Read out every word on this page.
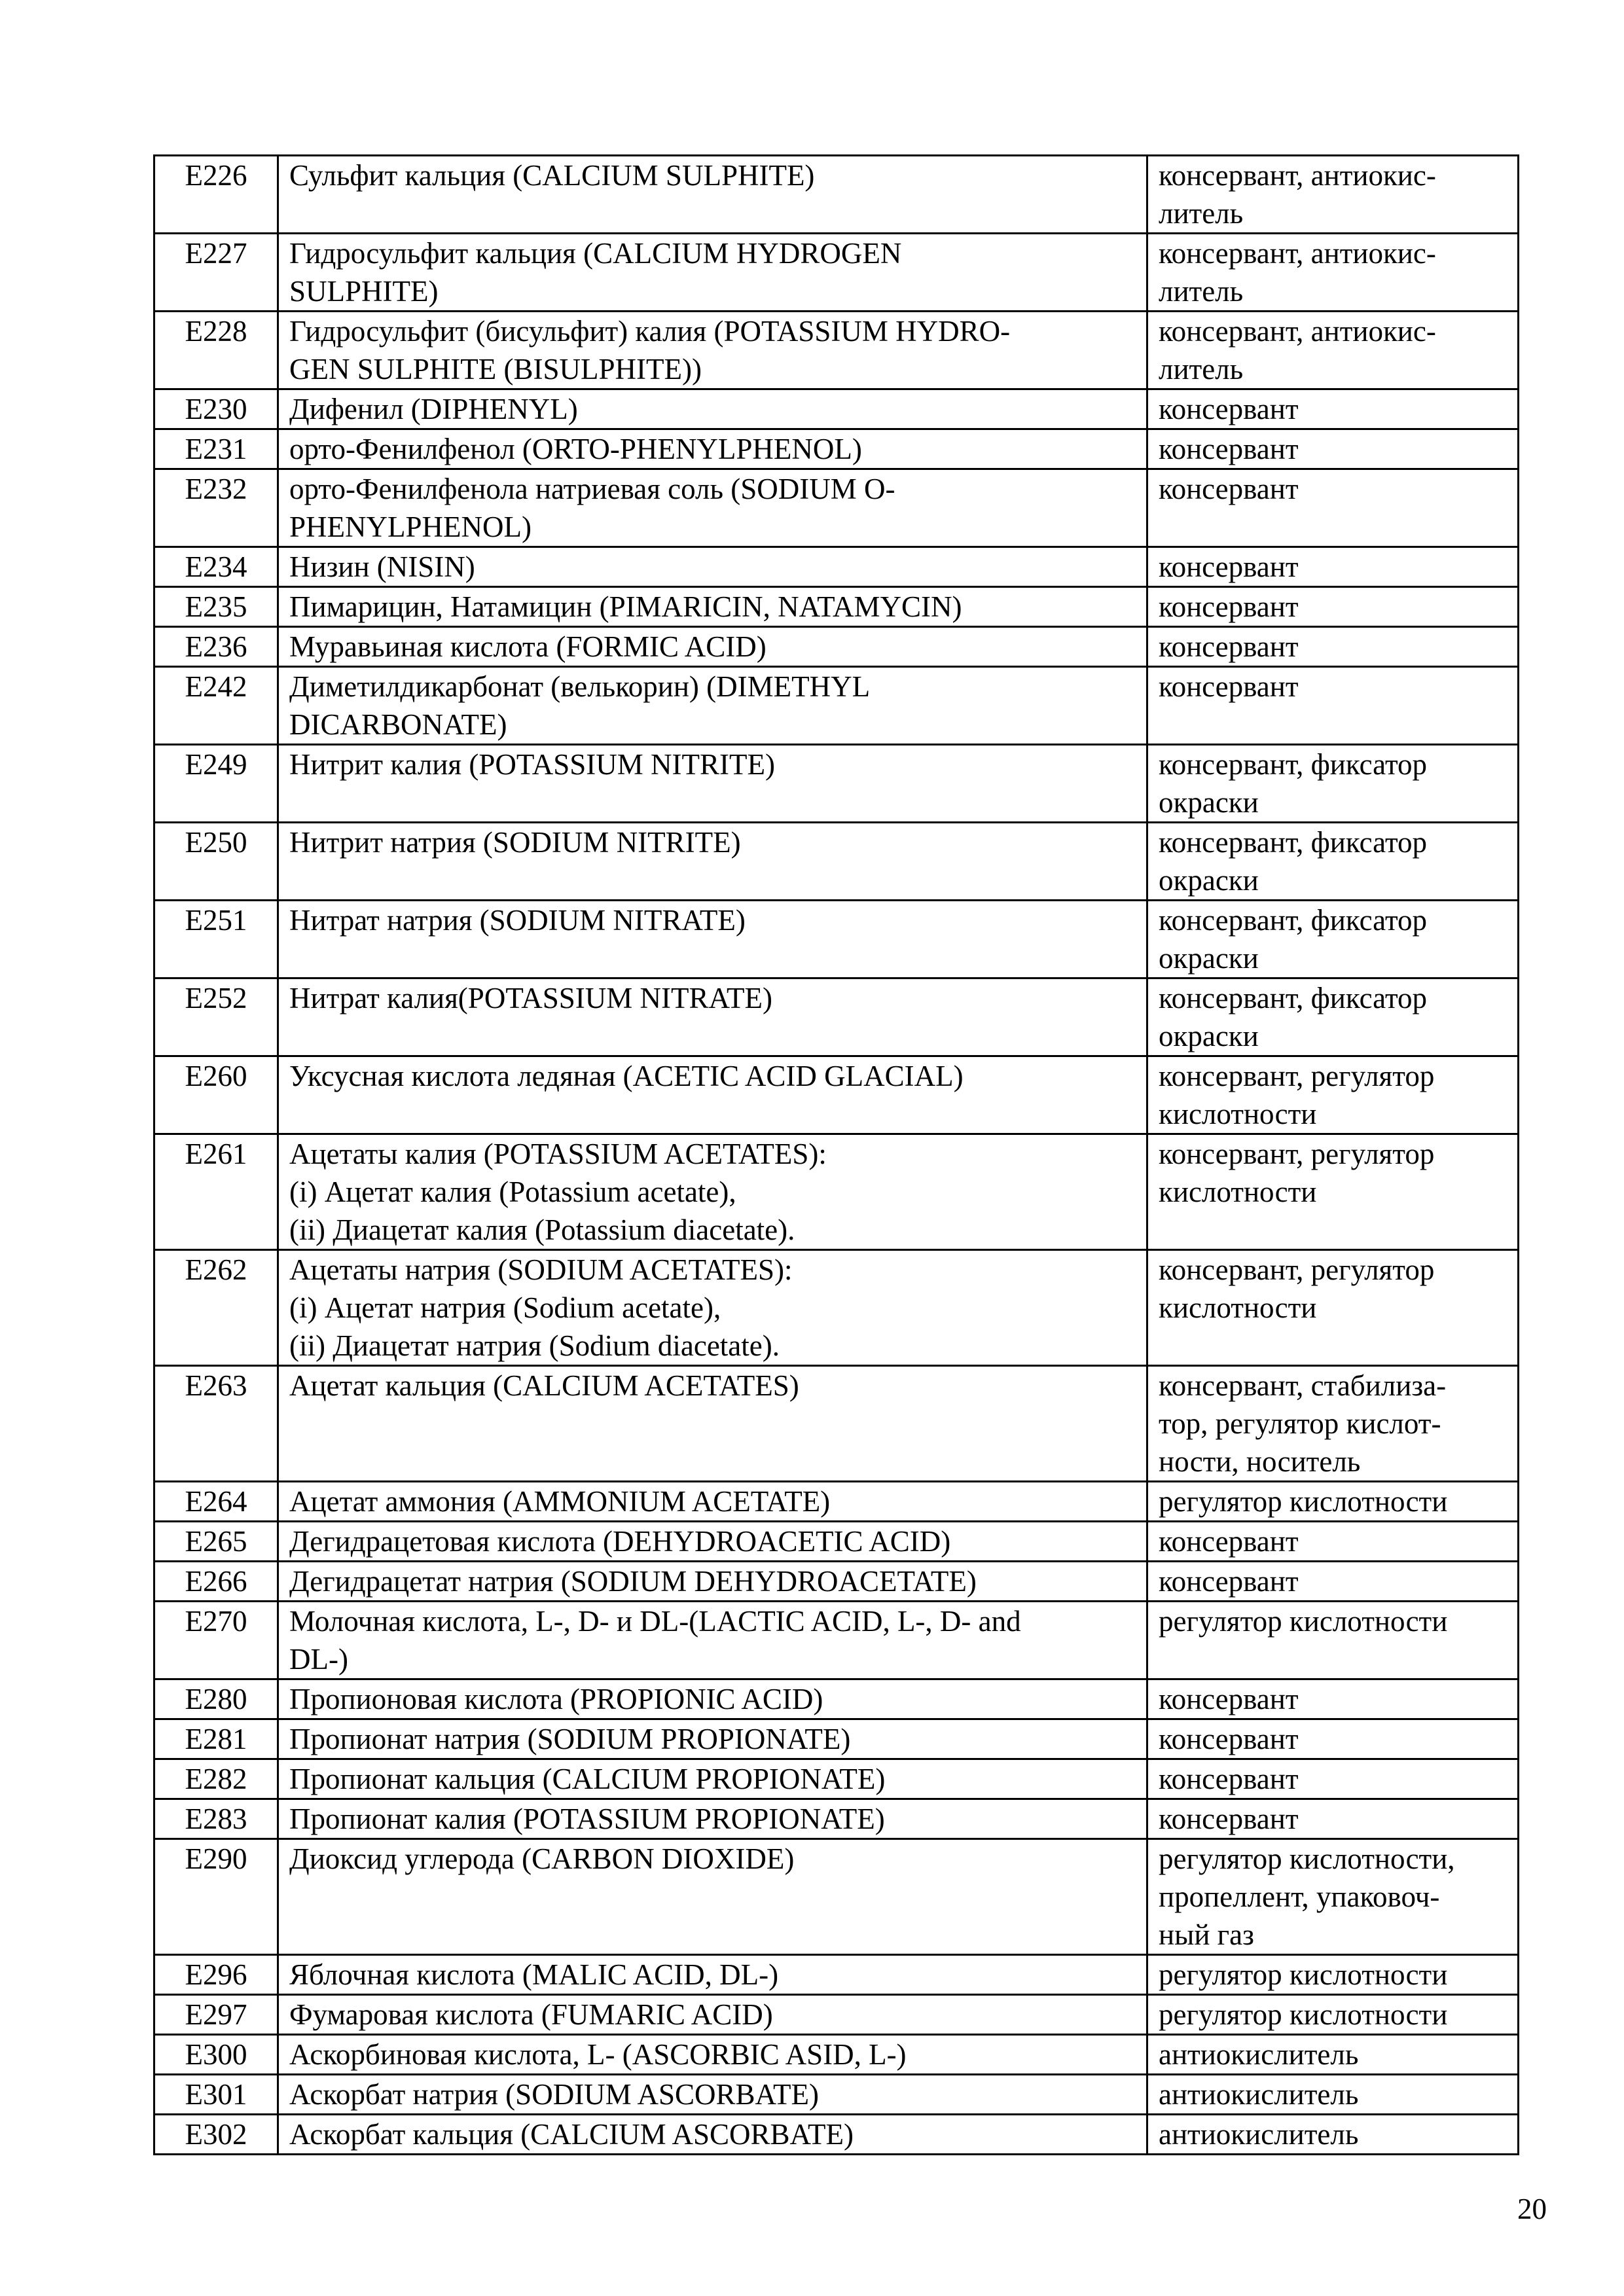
E226	Сульфит кальция (CALCIUM SULPHITE)	консервант, антиокис-
литель
E227	Гидросульфит кальция (CALCIUM HYDROGEN
SULPHITE)	консервант, антиокис-
литель
E228	Гидросульфит (бисульфит) калия (POTASSIUM HYDRO-
GEN SULPHITE (BISULPHITE))	консервант, антиокис-
литель
E230	Дифенил (DIPHENYL)	консервант
E231	орто-Фенилфенол (ORTO-PHENYLPHENOL)	консервант
E232	орто-Фенилфенола натриевая соль (SODIUM O-
PHENYLPHENOL)	консервант
E234	Низин (NISIN)	консервант
E235	Пимарицин, Натамицин (PIMARICIN, NATAMYCIN)	консервант
E236	Муравьиная кислота (FORMIC ACID)	консервант
E242	Диметилдикарбонат (велькорин) (DIMETHYL
DICARBONATE)	консервант
E249	Нитрит калия (POTASSIUM NITRITE)	консервант, фиксатор
окраски
E250	Нитрит натрия (SODIUM NITRITE)	консервант, фиксатор
окраски
E251	Нитрат натрия (SODIUM NITRATE)	консервант, фиксатор
окраски
E252	Нитрат калия(POTASSIUM NITRATE)	консервант, фиксатор
окраски
E260	Уксусная кислота ледяная (ACETIC ACID GLACIAL)	консервант, регулятор
кислотности
E261	Ацетаты калия (POTASSIUM ACETATES):
(i) Ацетат калия (Potassium acetate),
(ii) Диацетат калия (Potassium diacetate).	консервант, регулятор
кислотности
E262	Ацетаты натрия (SODIUM ACETATES):
(i) Ацетат натрия (Sodium acetate),
(ii) Диацетат натрия (Sodium diacetate).	консервант, регулятор
кислотности
E263	Ацетат кальция (CALCIUM ACETATES)	консервант, стабилиза-
тор, регулятор кислот-
ности, носитель
E264	Ацетат аммония (AMMONIUM ACETATE)	регулятор кислотности
E265	Дегидрацетовая кислота (DEHYDROACETIC ACID)	консервант
E266	Дегидрацетат натрия (SODIUM DEHYDROACETATE)	консервант
E270	Молочная кислота, L-, D- и DL-(LACTIC ACID, L-, D- and
DL-)	регулятор кислотности
E280	Пропионовая кислота (PROPIONIC ACID)	консервант
E281	Пропионат натрия (SODIUM PROPIONATE)	консервант
E282	Пропионат кальция (CALCIUM PROPIONATE)	консервант
E283	Пропионат калия (POTASSIUM PROPIONATE)	консервант
E290	Диоксид углерода (CARBON DIOXIDE)	регулятор кислотности,
пропеллент, упаковоч-
ный газ
E296	Яблочная кислота (MALIC ACID, DL-)	регулятор кислотности
E297	Фумаровая кислота (FUMARIC ACID)	регулятор кислотности
E300	Аскорбиновая кислота, L- (ASCORBIC ASID, L-)	антиокислитель
E301	Аскорбат натрия (SODIUM ASCORBATE)	антиокислитель
E302	Аскорбат кальция (CALCIUM ASCORBATE)	антиокислитель
20
